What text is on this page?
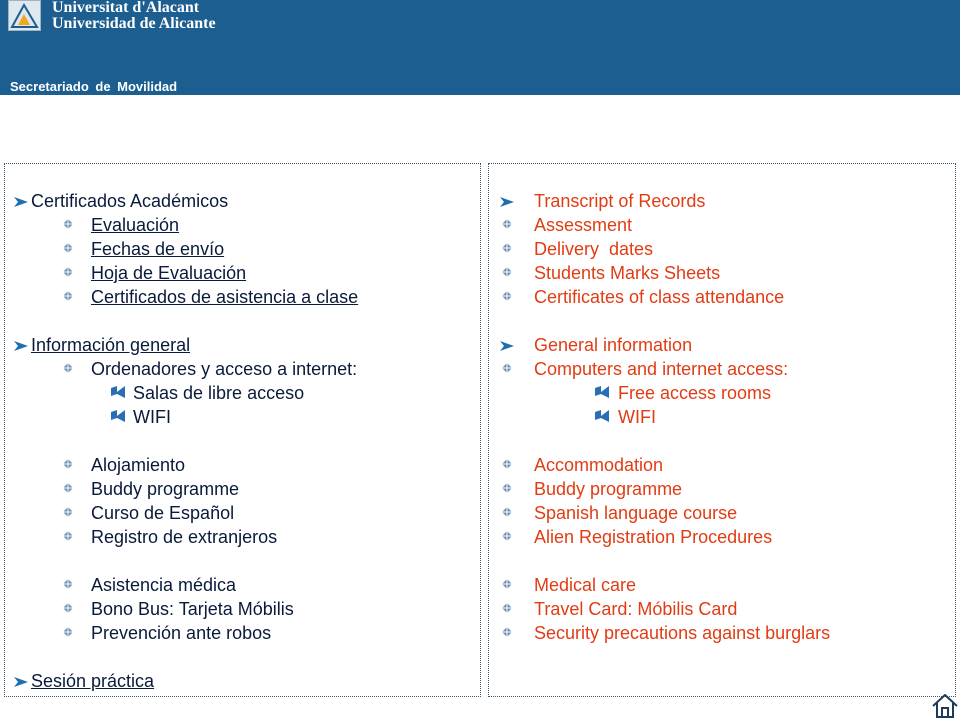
Universitat d'Alacant
Universidad de Alicante
Secretariado de Movilidad
Certificados Académicos
Evaluación
Fechas de envío
Hoja de Evaluación
Certificados de asistencia a clase
Información general
Ordenadores y acceso a internet:
Salas de libre acceso
WIFI
Alojamiento
Buddy programme
Curso de Español
Registro de extranjeros
Asistencia médica
Bono Bus: Tarjeta Móbilis
Prevención ante robos
Sesión práctica
Transcript of Records
Assessment
Delivery  dates
Students Marks Sheets
Certificates of class attendance
General information
Computers and internet access:
Free access rooms
WIFI
Accommodation
Buddy programme
Spanish language course
Alien Registration Procedures
Medical care
Travel Card: Móbilis Card
Security precautions against burglars
